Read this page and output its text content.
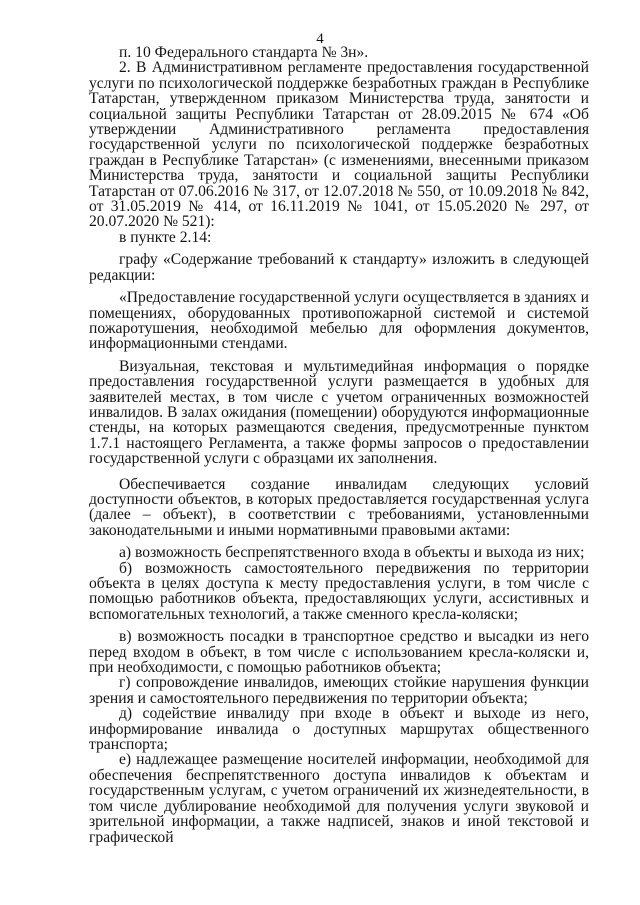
4

п. 10 Федерального стандарта № 3н».

2. В Административном регламенте предоставления государственной услуги по психологической поддержке безработных граждан в Республике Татарстан, утвержденном приказом Министерства труда, занятости и социальной защиты Республики Татарстан от 28.09.2015 № 674 «Об утверждении Административного регламента предоставления государственной услуги по психологической поддержке безработных граждан в Республике Татарстан» (с изменениями, внесенными приказом Министерства труда, занятости и социальной защиты Республики Татарстан от 07.06.2016 № 317, от 12.07.2018 № 550, от 10.09.2018 № 842, от 31.05.2019 № 414, от 16.11.2019 № 1041, от 15.05.2020 № 297, от 20.07.2020 № 521):

в пункте 2.14:

графу «Содержание требований к стандарту» изложить в следующей редакции:

«Предоставление государственной услуги осуществляется в зданиях и помещениях, оборудованных противопожарной системой и системой пожаротушения, необходимой мебелью для оформления документов, информационными стендами.

Визуальная, текстовая и мультимедийная информация о порядке предоставления государственной услуги размещается в удобных для заявителей местах, в том числе с учетом ограниченных возможностей инвалидов. В залах ожидания (помещении) оборудуются информационные стенды, на которых размещаются сведения, предусмотренные пунктом 1.7.1 настоящего Регламента, а также формы запросов о предоставлении государственной услуги с образцами их заполнения.

Обеспечивается создание инвалидам следующих условий доступности объектов, в которых предоставляется государственная услуга (далее – объект), в соответствии с требованиями, установленными законодательными и иными нормативными правовыми актами:

а) возможность беспрепятственного входа в объекты и выхода из них;

б) возможность самостоятельного передвижения по территории объекта в целях доступа к месту предоставления услуги, в том числе с помощью работников объекта, предоставляющих услуги, ассистивных и вспомогательных технологий, а также сменного кресла-коляски;

в) возможность посадки в транспортное средство и высадки из него перед входом в объект, в том числе с использованием кресла-коляски и, при необходимости, с помощью работников объекта;

г) сопровождение инвалидов, имеющих стойкие нарушения функции зрения и самостоятельного передвижения по территории объекта;

д) содействие инвалиду при входе в объект и выходе из него, информирование инвалида о доступных маршрутах общественного транспорта;

е) надлежащее размещение носителей информации, необходимой для обеспечения беспрепятственного доступа инвалидов к объектам и государственным услугам, с учетом ограничений их жизнедеятельности, в том числе дублирование необходимой для получения услуги звуковой и зрительной информации, а также надписей, знаков и иной текстовой и графической
